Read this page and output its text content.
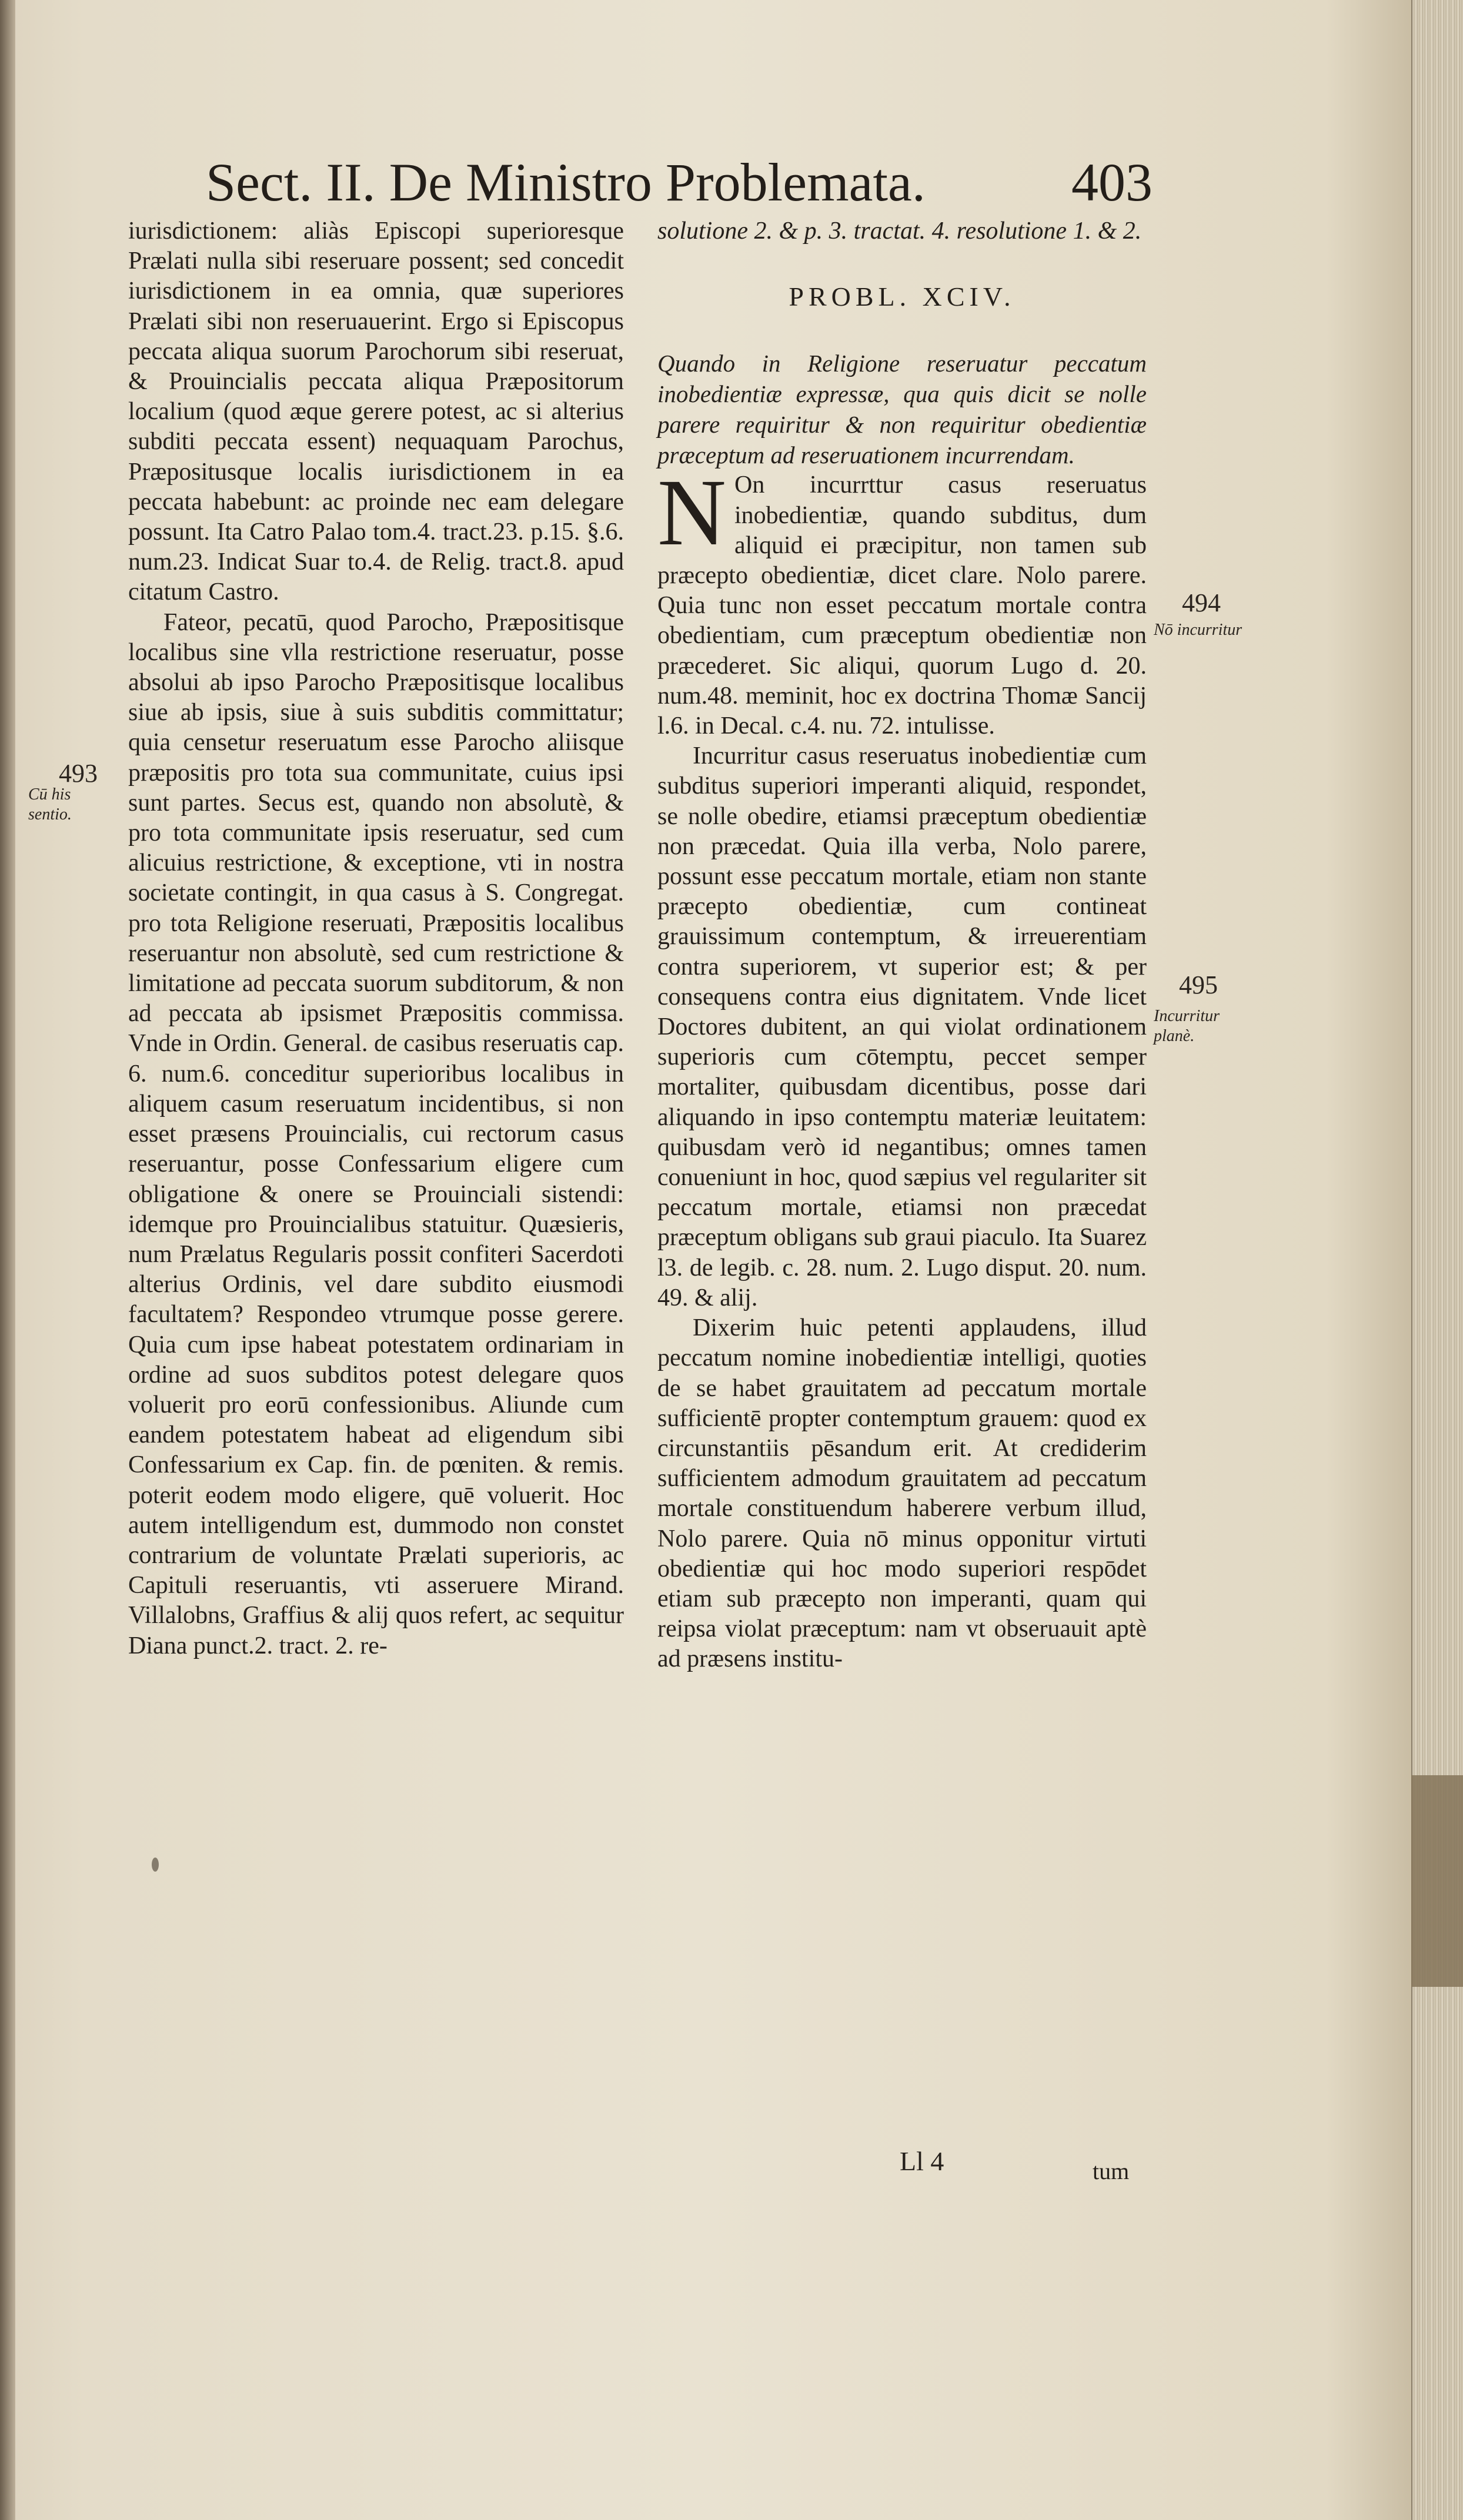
Sect. II. De Ministro Problemata.	403

iurisdictionem: aliàs Episcopi superioresque Prælati nulla sibi reseruare possent; sed concedit iurisdictionem in ea omnia, quæ superiores Prælati sibi non reseruauerint. Ergo si Episcopus peccata aliqua suorum Parochorum sibi reseruat, & Prouincialis peccata aliqua Præpositorum localium (quod æque gerere potest, ac si alterius subditi peccata essent) nequaquam Parochus, Præpositusque localis iurisdictionem in ea peccata habebunt: ac proinde nec eam delegare possunt. Ita Catro Palao tom.4. tract.23. p.15. §.6. num.23. Indicat Suar to.4. de Relig. tract.8. apud citatum Castro.

Fateor, pecatū, quod Parocho, Præpositisque localibus sine vlla restrictione reseruatur, posse absolui ab ipso Parocho Præpositisque localibus siue ab ipsis, siue à suis subditis committatur; quia censetur reseruatum esse Parocho aliisque præpositis pro tota sua communitate, cuius ipsi sunt partes. Secus est, quando non absolutè, & pro tota communitate ipsis reseruatur, sed cum alicuius restrictione, & exceptione, vti in nostra societate contingit, in qua casus à S. Congregat. pro tota Religione reseruati, Præpositis localibus reseruantur non absolutè, sed cum restrictione & limitatione ad peccata suorum subditorum, & non ad peccata ab ipsismet Præpositis commissa. Vnde in Ordin. General. de casibus reseruatis cap. 6. num.6. conceditur superioribus localibus in aliquem casum reseruatum incidentibus, si non esset præsens Prouincialis, cui rectorum casus reseruantur, posse Confessarium eligere cum obligatione & onere se Prouinciali sistendi: idemque pro Prouincialibus statuitur. Quæsieris, num Prælatus Regularis possit confiteri Sacerdoti alterius Ordinis, vel dare subdito eiusmodi facultatem? Respondeo vtrumque posse gerere. Quia cum ipse habeat potestatem ordinariam in ordine ad suos subditos potest delegare quos voluerit pro eorū confessionibus. Aliunde cum eandem potestatem habeat ad eligendum sibi Confessarium ex Cap. fin. de pœniten. & remis. poterit eodem modo eligere, quē voluerit. Hoc autem intelligendum est, dummodo non constet contrarium de voluntate Prælati superioris, ac Capituli reseruantis, vti asseruere Mirand. Villalobns, Graffius & alij quos refert, ac sequitur Diana punct.2. tract. 2. re-

solutione 2. & p. 3. tractat. 4. resolutione 1. & 2.

PROBL. XCIV.

Quando in Religione reseruatur peccatum inobedientiæ expressæ, qua quis dicit se nolle parere requiritur & non requiritur obedientiæ præceptum ad reseruationem incurrendam.

N On incurrttur casus reseruatus inobedientiæ, quando subditus, dum aliquid ei præcipitur, non tamen sub præcepto obedientiæ, dicet clare. Nolo parere. Quia tunc non esset peccatum mortale contra obedientiam, cum præceptum obedientiæ non præcederet. Sic aliqui, quorum Lugo d. 20. num.48. meminit, hoc ex doctrina Thomæ Sancij l.6. in Decal. c.4. nu. 72. intulisse.

Incurritur casus reseruatus inobedientiæ cum subditus superiori imperanti aliquid, respondet, se nolle obedire, etiamsi præceptum obedientiæ non præcedat. Quia illa verba, Nolo parere, possunt esse peccatum mortale, etiam non stante præcepto obedientiæ, cum contineat grauissimum contemptum, & irreuerentiam contra superiorem, vt superior est; & per consequens contra eius dignitatem. Vnde licet Doctores dubitent, an qui violat ordinationem superioris cum cōtemptu, peccet semper mortaliter, quibusdam dicentibus, posse dari aliquando in ipso contemptu materiæ leuitatem: quibusdam verò id negantibus; omnes tamen conueniunt in hoc, quod sæpius vel regulariter sit peccatum mortale, etiamsi non præcedat præceptum obligans sub graui piaculo. Ita Suarez l3. de legib. c. 28. num. 2. Lugo disput. 20. num. 49. & alij.

Dixerim huic petenti applaudens, illud peccatum nomine inobedientiæ intelligi, quoties de se habet grauitatem ad peccatum mortale sufficientē propter contemptum grauem: quod ex circunstantiis pēsandum erit. At crediderim sufficientem admodum grauitatem ad peccatum mortale constituendum haberere verbum illud, Nolo parere. Quia nō minus opponitur virtuti obedientiæ qui hoc modo superiori respōdet etiam sub præcepto non imperanti, quam qui reipsa violat præceptum: nam vt obseruauit aptè ad præsens institu-

493
Cū his sentio.
494
Nō incurritur
495
Incurritur planè.
Ll 4	tum
